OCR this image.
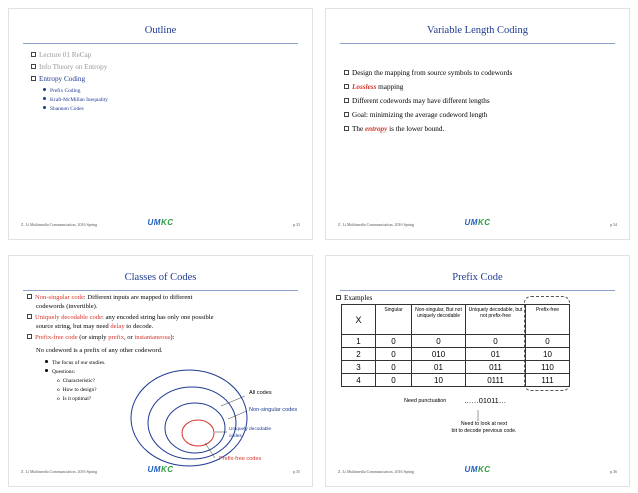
Outline
Lecture 01 ReCap
Info Theory on Entropy
Entropy Coding
Prefix Coding
Kraft-McMillan Inequality
Shannon Codes
Z. Li Multimedia Communciation, 2016 Spring	UMKC	p.33
Variable Length Coding
Design the mapping from source symbols to codewords
Lossless mapping
Different codewords may have different lengths
Goal: minimizing the average codeword length
The entropy is the lower bound.
Z. Li Multimedia Communciation, 2016 Spring	UMKC	p.34
Classes of Codes
Non-singular code: Different inputs are mapped to different
codewords (invertible).
Uniquely decodable code: any encoded string has only one possible
source string, but may need delay to decode.
Prefix-free code (or simply prefix, or instantaneous):
No codeword is a prefix of any other codeword.
The focus of our studies.
Questions:
o Characteristic?
o How to design?
o Is it optimal?
All codes
Non-singular codes
Uniquely decodable
codes
Prefix-free codes
Z. Li Multimedia Communciation, 2016 Spring	UMKC	p.35
Prefix Code
Examples
X	Singular	Non-singular, But not uniquely decodable	Uniquely decodable, but not prefix-free	Prefix-free
1	0	0	0	0
2	0	010	01	10
3	0	01	011	110
4	0	10	0111	111
Need punctuation ……01011…
Need to look at next
bit to decode previous code.
Z. Li Multimedia Communciation, 2016 Spring	UMKC	p.36
